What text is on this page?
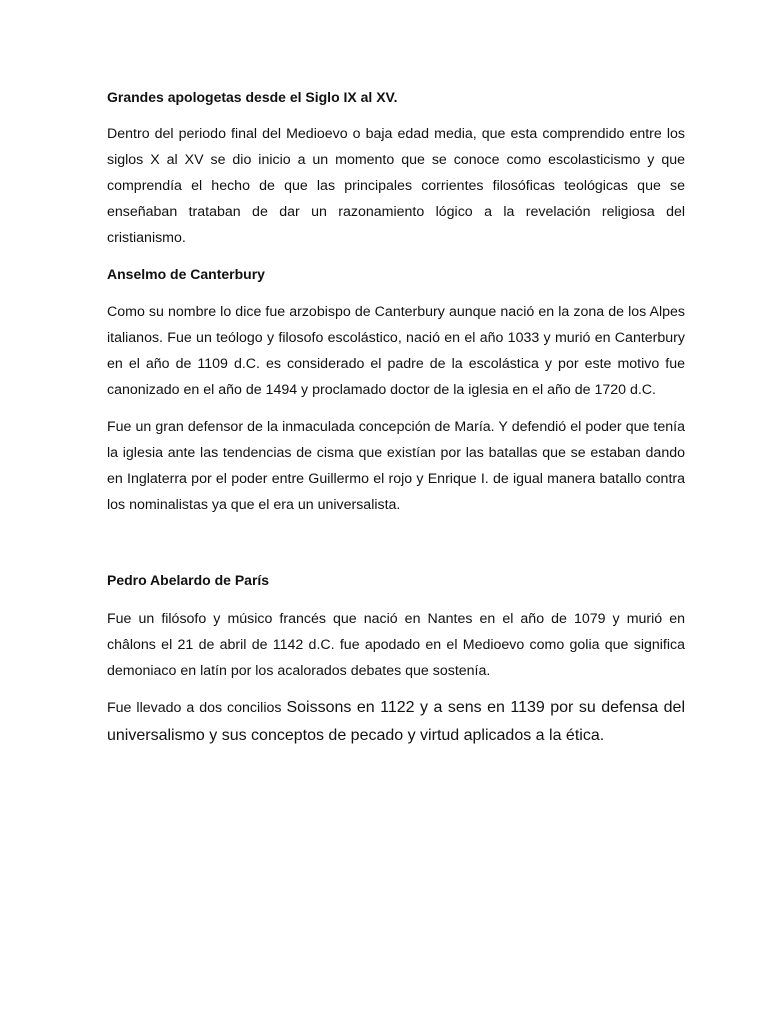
Grandes apologetas desde el Siglo IX al XV.

Dentro del periodo final del Medioevo o baja edad media, que esta comprendido entre los siglos X al XV se dio inicio a un momento que se conoce como escolasticismo y que comprendía el hecho de que las principales corrientes filosóficas teológicas que se enseñaban trataban de dar un razonamiento lógico a la revelación religiosa del cristianismo.

Anselmo de Canterbury

Como su nombre lo dice fue arzobispo de Canterbury aunque nació en la zona de los Alpes italianos. Fue un teólogo y filosofo escolástico, nació en el año 1033 y murió en Canterbury en el año de 1109 d.C. es considerado el padre de la escolástica y por este motivo fue canonizado en el año de 1494 y proclamado doctor de la iglesia en el año de 1720 d.C.

Fue un gran defensor de la inmaculada concepción de María. Y defendió el poder que tenía la iglesia ante las tendencias de cisma que existían por las batallas que se estaban dando en Inglaterra por el poder entre Guillermo el rojo y Enrique I. de igual manera batallo contra los nominalistas ya que el era un universalista.

Pedro Abelardo de París

Fue un filósofo y músico francés que nació en Nantes en el año de 1079 y murió en châlons el 21 de abril de 1142 d.C. fue apodado en el Medioevo como golia que significa demoniaco en latín por los acalorados debates que sostenía.

Fue llevado a dos concilios Soissons en 1122 y a sens en 1139 por su defensa del universalismo y sus conceptos de pecado y virtud aplicados a la ética.
